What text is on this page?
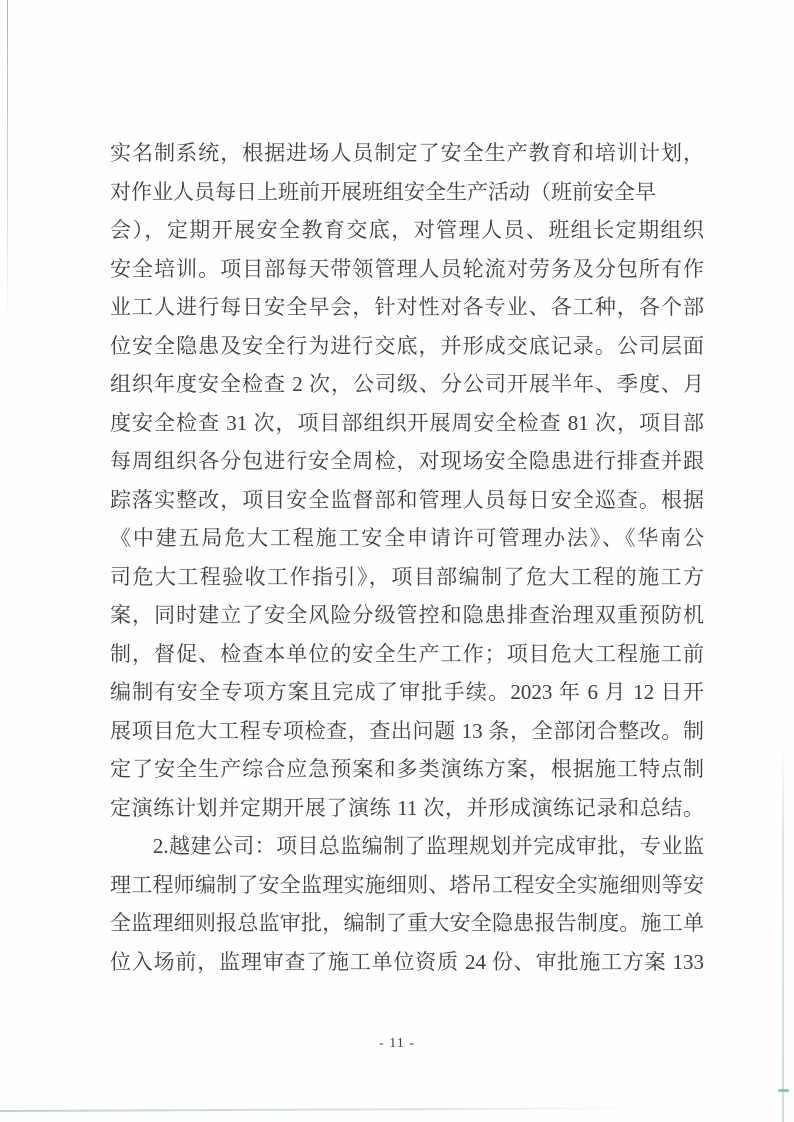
实名制系统，根据进场人员制定了安全生产教育和培训计划，
对作业人员每日上班前开展班组安全生产活动（班前安全早
会），定期开展安全教育交底，对管理人员、班组长定期组织
安全培训。项目部每天带领管理人员轮流对劳务及分包所有作
业工人进行每日安全早会，针对性对各专业、各工种，各个部
位安全隐患及安全行为进行交底，并形成交底记录。公司层面
组织年度安全检查 2 次，公司级、分公司开展半年、季度、月
度安全检查 31 次，项目部组织开展周安全检查 81 次，项目部
每周组织各分包进行安全周检，对现场安全隐患进行排查并跟
踪落实整改，项目安全监督部和管理人员每日安全巡查。根据
《中建五局危大工程施工安全申请许可管理办法》、《华南公
司危大工程验收工作指引》，项目部编制了危大工程的施工方
案，同时建立了安全风险分级管控和隐患排查治理双重预防机
制，督促、检查本单位的安全生产工作；项目危大工程施工前
编制有安全专项方案且完成了审批手续。2023 年 6 月 12 日开
展项目危大工程专项检查，查出问题 13 条，全部闭合整改。制
定了安全生产综合应急预案和多类演练方案，根据施工特点制
定演练计划并定期开展了演练 11 次，并形成演练记录和总结。
　　2.越建公司：项目总监编制了监理规划并完成审批，专业监
理工程师编制了安全监理实施细则、塔吊工程安全实施细则等安
全监理细则报总监审批，编制了重大安全隐患报告制度。施工单
位入场前，监理审查了施工单位资质 24 份、审批施工方案 133
- 11 -
